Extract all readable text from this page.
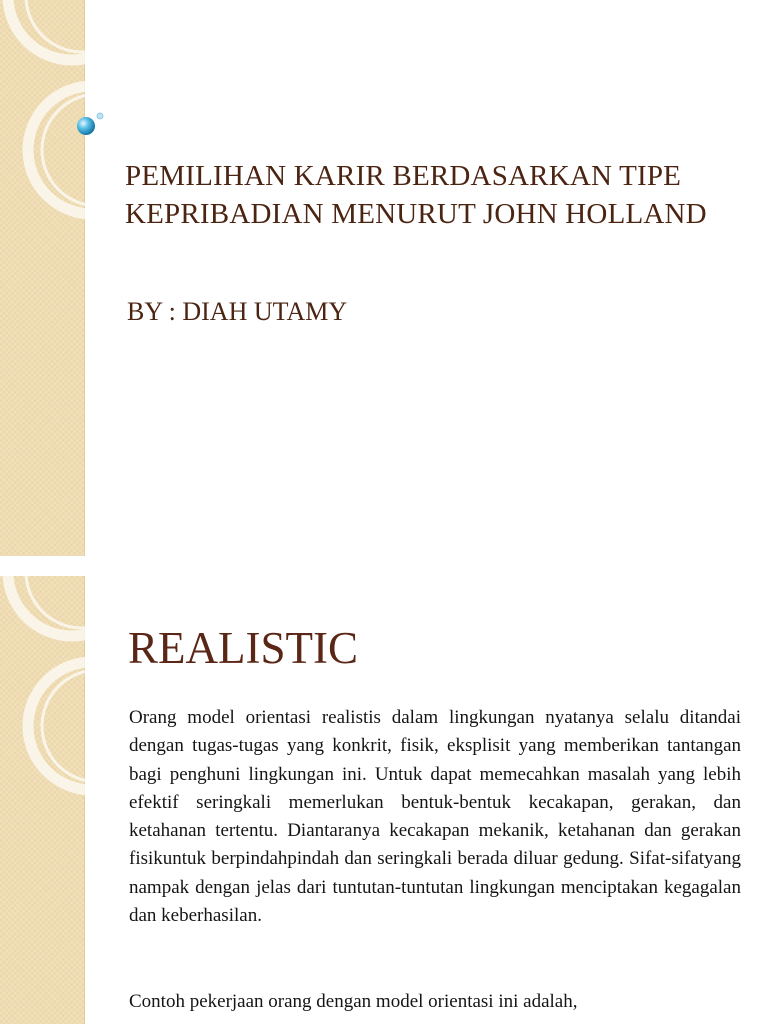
PEMILIHAN KARIR BERDASARKAN TIPE KEPRIBADIAN MENURUT JOHN HOLLAND

BY : DIAH UTAMY

REALISTIC

Orang model orientasi realistis dalam lingkungan nyatanya selalu ditandai dengan tugas-tugas yang konkrit, fisik, eksplisit yang memberikan tantangan bagi penghuni lingkungan ini. Untuk dapat memecahkan masalah yang lebih efektif seringkali memerlukan bentuk-bentuk kecakapan, gerakan, dan ketahanan tertentu. Diantaranya kecakapan mekanik, ketahanan dan gerakan fisikuntuk berpindahpindah dan seringkali berada diluar gedung. Sifat-sifatyang nampak dengan jelas dari tuntutan-tuntutan lingkungan menciptakan kegagalan dan keberhasilan.

Contoh pekerjaan orang dengan model orientasi ini adalah,
